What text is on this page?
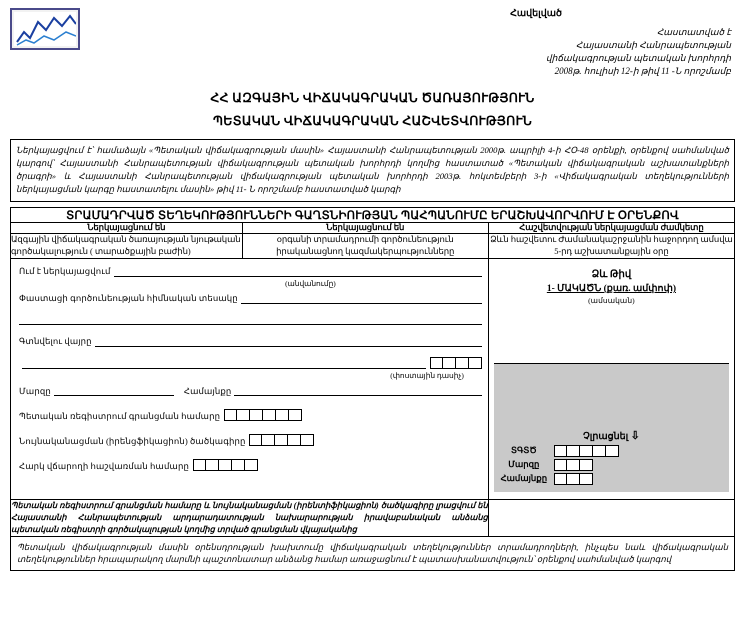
Հավելված
Հաստատված է
Հայաստանի Հանրապետության
վիճակագրության պետական խորհրդի
2008թ. հուլիսի 12-ի թիվ 11 -Ն որոշմամբ
ՀՀ ԱԶԳԱՅԻՆ ՎԻՃԱԿԱԳՐԱԿԱՆ ԾԱՌԱՅՈՒԹՅՈՒՆ
ՊԵՏԱԿԱՆ ՎԻՃԱԿԱԳՐԱԿԱՆ ՀԱՇՎԵՏՎՈՒԹՅՈՒՆ
Ներկայացվում է՝ համաձայն «Պետական վիճակագրության մասին» Հայաստանի Հանրապետության 2000թ. ապրիլի 4-ի ՀՕ-48 օրենքի, օրենքով սահմանված կարգով՝ Հայաստանի Հանրապետության վիճակագրության պետական խորհրդի կողմից հաստատած «Պետական վիճակագրական աշխատանքների ծրագրի» և Հայաստանի Հանրապետության վիճակագրության պետական խորհրդի 2003թ. հոկտեմբերի 3-ի «Վիճակագրական տեղեկությունների ներկայացման կարգը հաստատելու մասին» թիվ 11- Ն որոշմամբ հաստատված կարգի
ՏՐԱՄԱԴՐՎԱԾ ՏԵՂԵԿՈՒԹՅՈՒՆՆԵՐԻ ԳԱՂՏՆԻՈՒԹՅԱՆ ՊԱՀՊԱՆՈՒՄԸ ԵՐԱՇԽԱՎՈՐՎՈՒՄ Է ՕՐԵՆՔՈՎ		
Ներկայացնում են	Ներկայացնում են	Հաշվետվության ներկայացման ժամկետը
Ազգային վիճակագրական ծառայության նյութական գործակալություն ( տարածքային բաժին)	օրգանի տրամադրումի գործունեություն իրականացնող կազմակերպությունները	Ձևն հաշվետու Ժամանակաշրջանին հաջորդող ամսվա 5-րդ աշխատանքային օրը

Ում է ներկայացվում
(անվանումը)
Փաստացի գործունեության հիմնական տեսակը
Գտնվելու վայրը
(փոստային դասիչ)
Մարզը	Համայնքը
Պետական ռեգիստրում գրանցման համարը
Նույնականացման (իրենցֆիկացիոն) ծածկագիրը
Հարկ վճարողի հաշվառման համարը

Ձև Թիվ
1- ՄԱԿԱԾՆ (քառ. ամփոփ)
(ամսական)
Չլրացնել ⇩
ՏԳՏԾ
Մարզը
Համայնքը

Պետական ռեգիստրում գրանցման համարը և նույնականացման (իրենտիֆիկացիոն) ծածկագիրը լրացվում են Հայաստանի Հանրապետության արդարադատության նախարարության իրավաբանական անձանց պետական ռեգիստրի գործակալության կողմից տրված գրանցման վկայականից		
Պետական վիճակագրության մասին օրենսդրության խախտումը վիճակագրական տեղեկություններ տրամադրողների, ինչպես նաև վիճակագրական տեղեկություններ հրապարակող մարմնի պաշտոնատար անձանց համար առաջացնում է պատասխանատվություն՝ օրենքով սահմանված կարգով
